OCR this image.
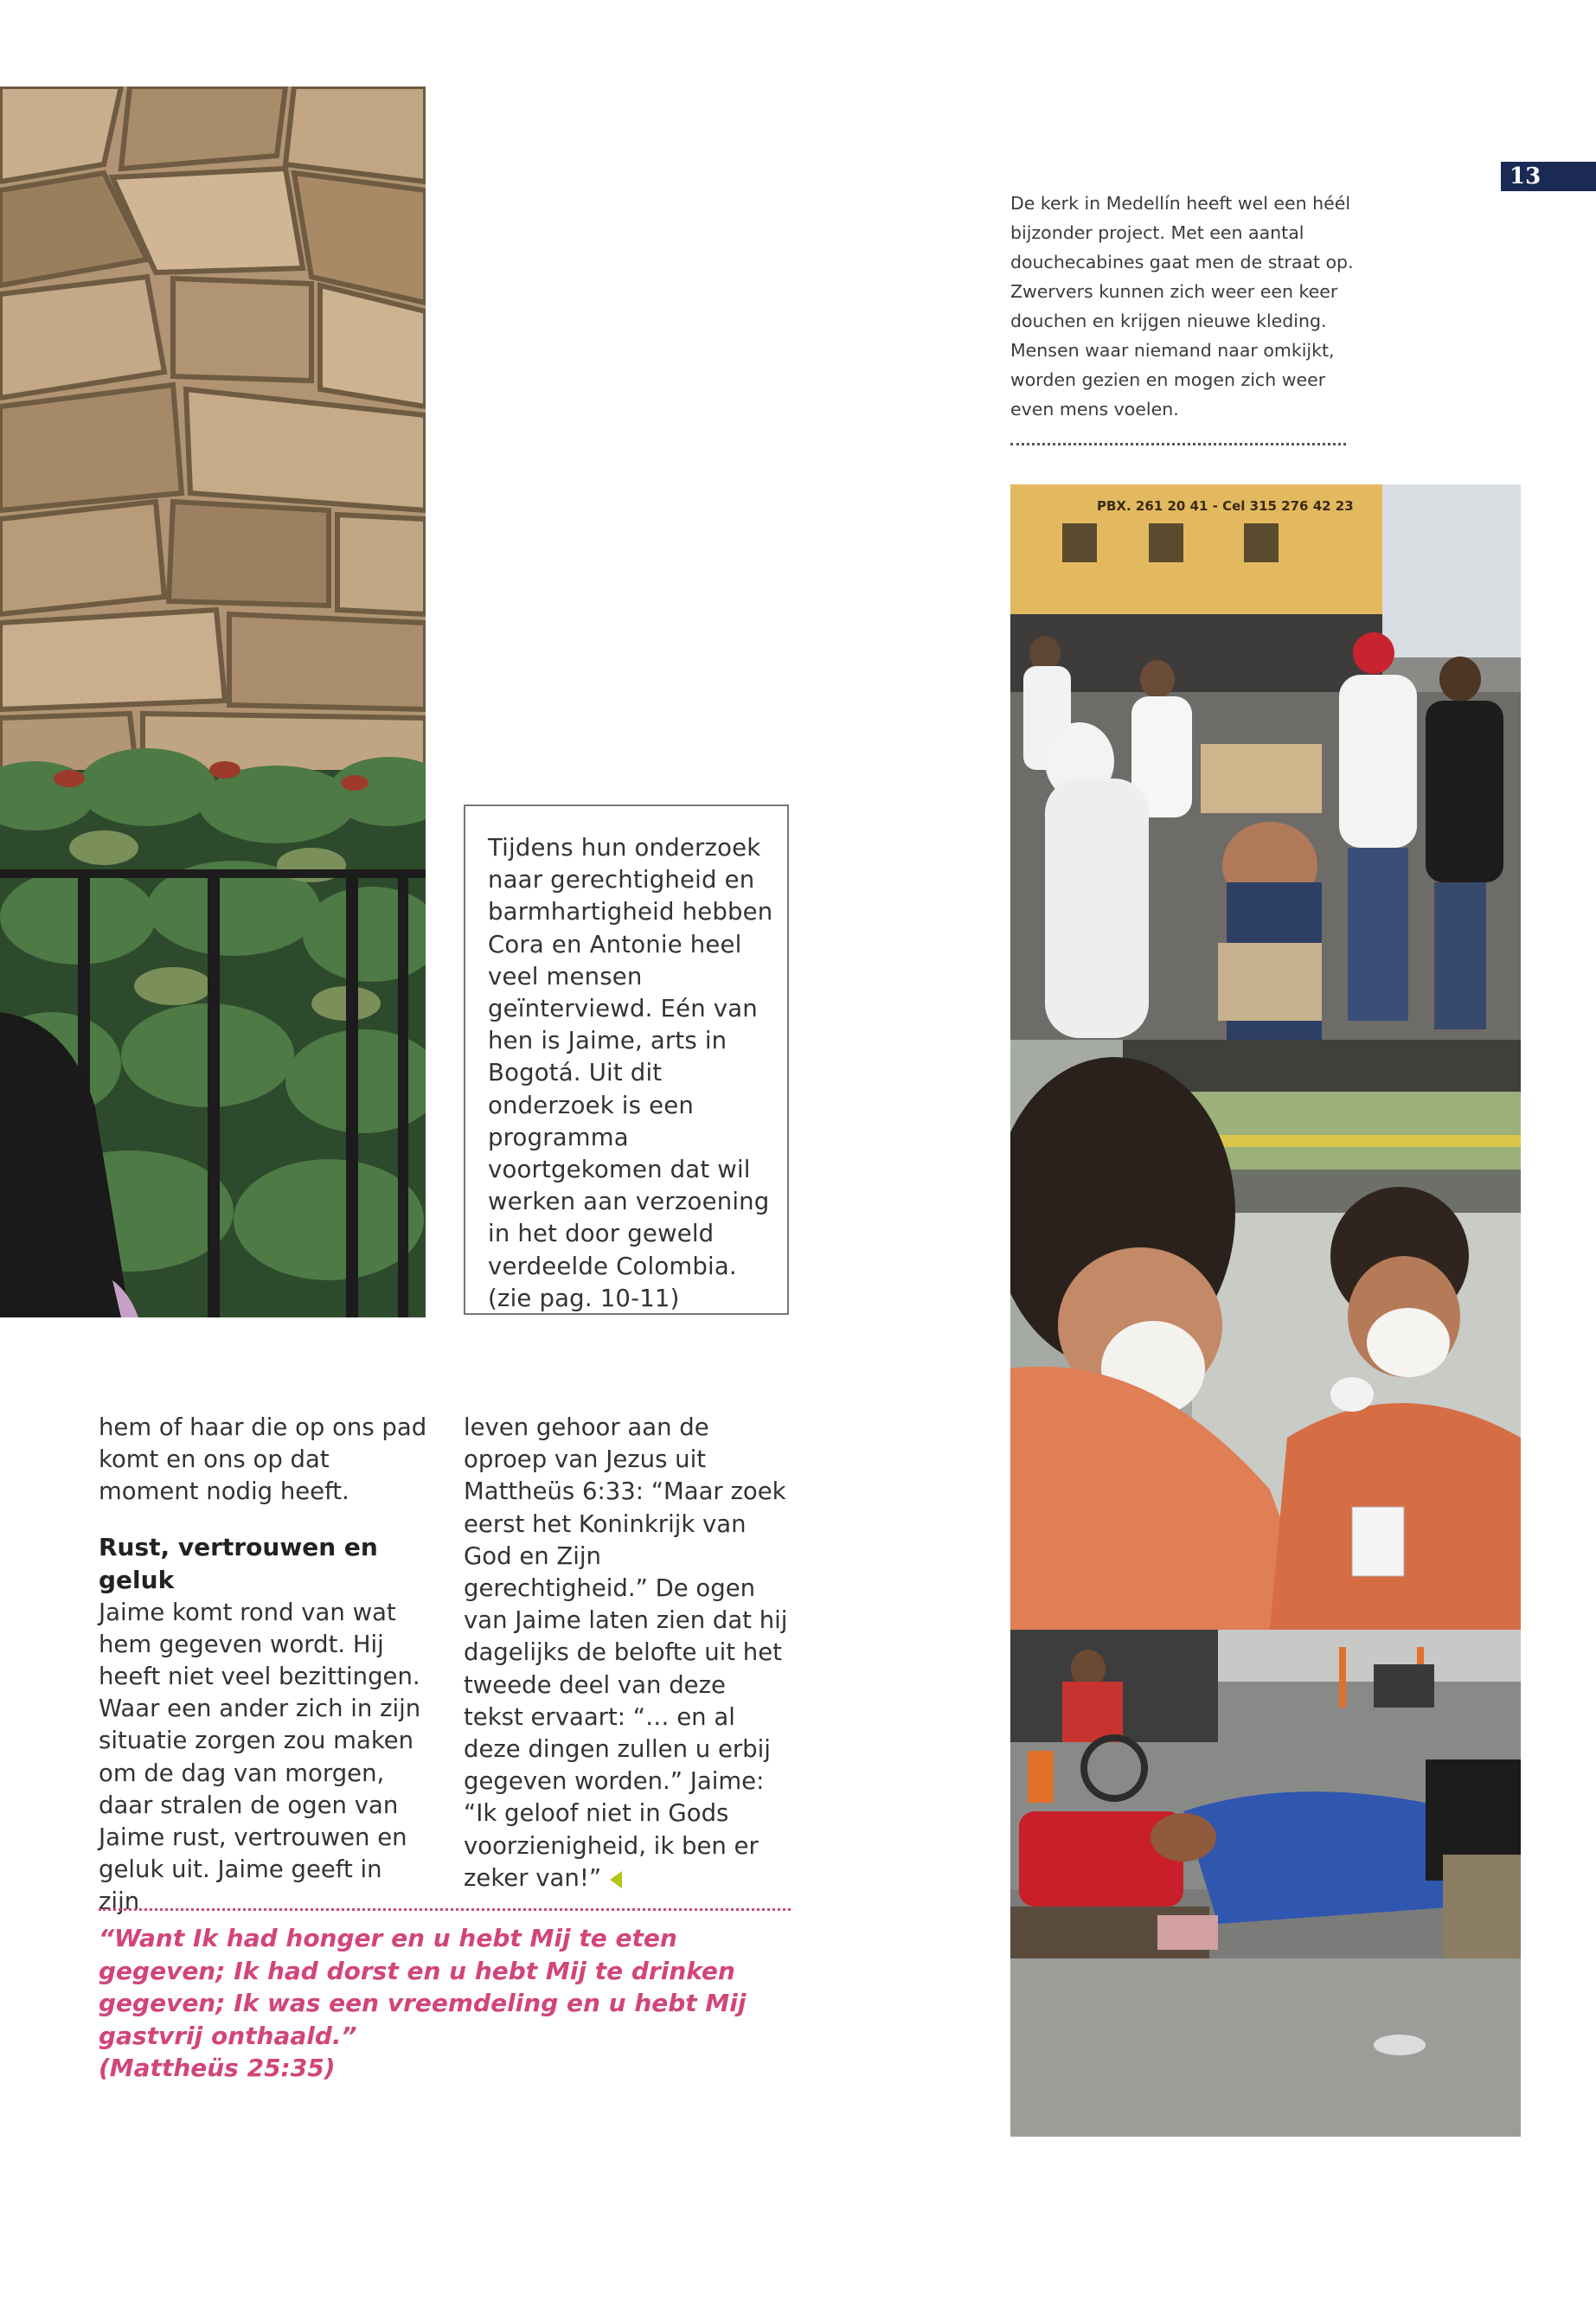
13
De kerk in Medellín heeft wel een héél bijzonder project. Met een aantal douchecabines gaat men de straat op. Zwervers kunnen zich weer een keer douchen en krijgen nieuwe kleding. Mensen waar niemand naar omkijkt, worden gezien en mogen zich weer even mens voelen.
PBX. 261 20 41 - Cel 315 276 42 23
Tijdens hun onderzoek naar gerechtigheid en barmhartigheid hebben Cora en Antonie heel veel mensen geïnterviewd. Eén van hen is Jaime, arts in Bogotá. Uit dit onderzoek is een programma voortgekomen dat wil werken aan verzoening in het door geweld verdeelde Colombia. (zie pag. 10-11)

hem of haar die op ons pad komt en ons op dat moment nodig heeft.

Rust, vertrouwen en geluk

Jaime komt rond van wat hem gegeven wordt. Hij heeft niet veel bezittingen. Waar een ander zich in zijn situatie zorgen zou maken om de dag van morgen, daar stralen de ogen van Jaime rust, vertrouwen en geluk uit. Jaime geeft in zijn

leven gehoor aan de oproep van Jezus uit Mattheüs 6:33: “Maar zoek eerst het Koninkrijk van God en Zijn gerechtigheid.” De ogen van Jaime laten zien dat hij dagelijks de belofte uit het tweede deel van deze tekst ervaart: “… en al deze dingen zullen u erbij gegeven worden.” Jaime: “Ik geloof niet in Gods voorzienigheid, ik ben er zeker van!”

“Want Ik had honger en u hebt Mij te eten gegeven; Ik had dorst en u hebt Mij te drinken gegeven; Ik was een vreemdeling en u hebt Mij gastvrij onthaald.”

(Mattheüs 25:35)
